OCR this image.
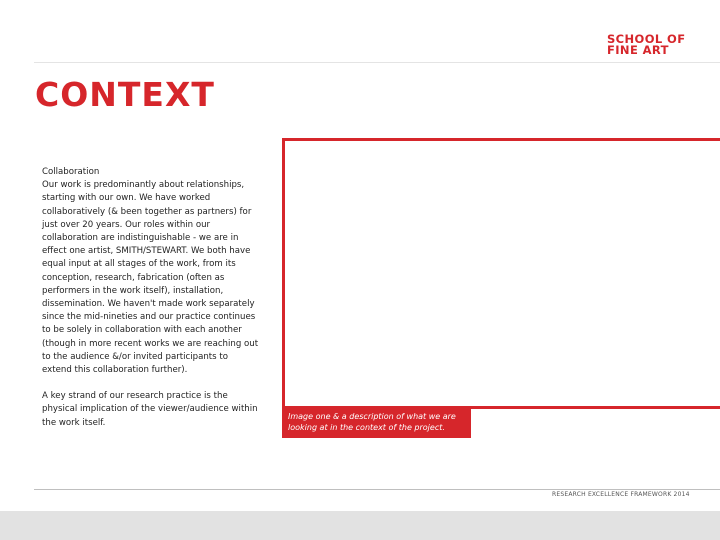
SCHOOL OF
FINE ART
CONTEXT

Collaboration

Our work is predominantly about relationships, starting with our own. We have worked collaboratively (& been together as partners) for just over 20 years. Our roles within our collaboration are indistinguishable - we are in effect one artist, SMITH/STEWART. We both have equal input at all stages of the work, from its conception, research, fabrication (often as performers in the work itself), installation, dissemination. We haven't made work separately since the mid-nineties and our practice continues to be solely in collaboration with each another (though in more recent works we are reaching out to the audience &/or invited participants to extend this collaboration further).

A key strand of our research practice is the physical implication of the viewer/audience within the work itself.

Image one & a description of what we are looking at in the context of the project.
RESEARCH EXCELLENCE FRAMEWORK 2014
